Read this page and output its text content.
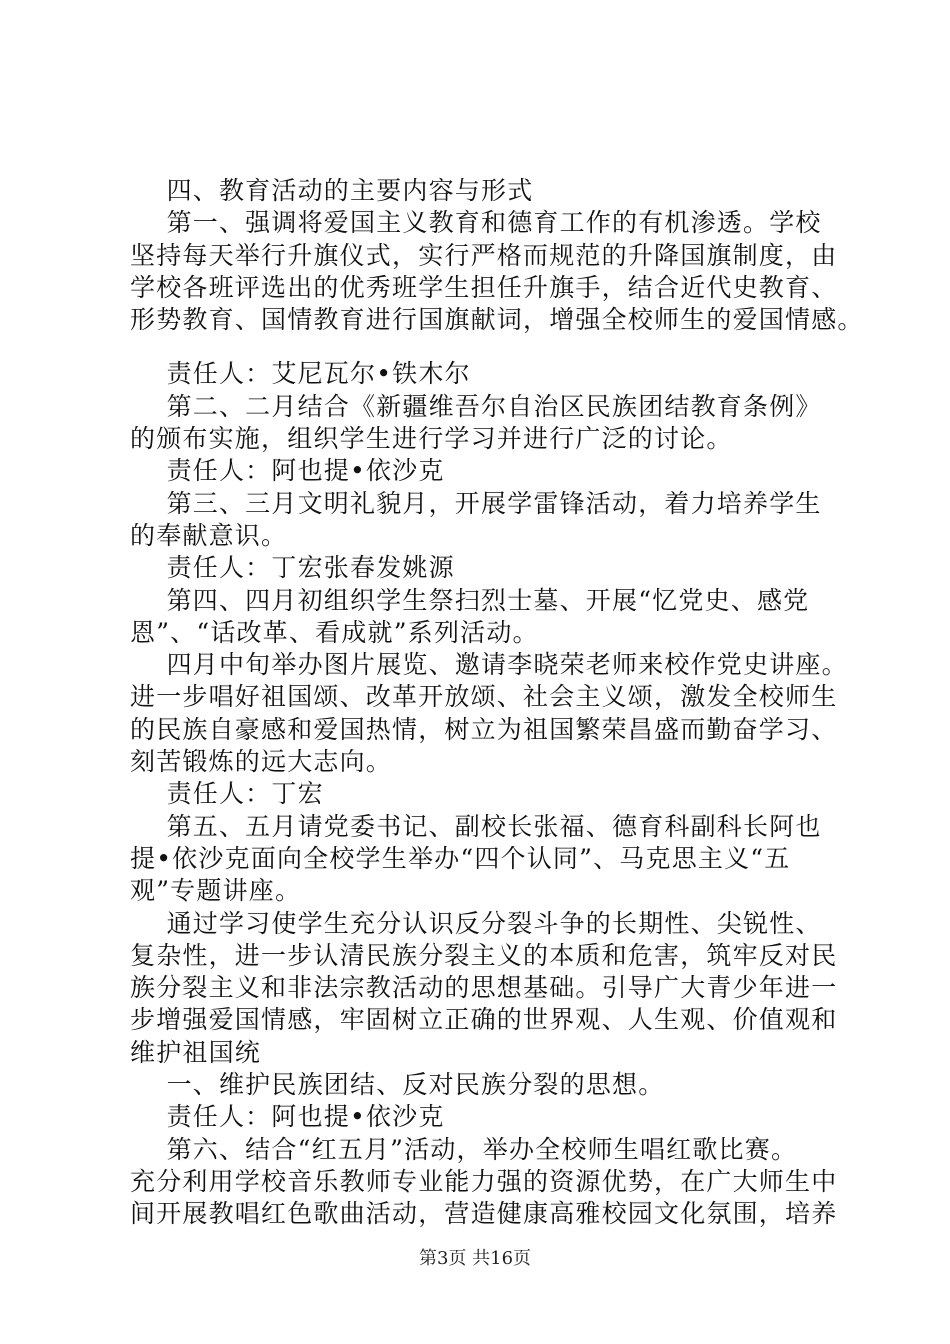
四、教育活动的主要内容与形式
第一、强调将爱国主义教育和德育工作的有机渗透。学校
坚持每天举行升旗仪式，实行严格而规范的升降国旗制度，由
学校各班评选出的优秀班学生担任升旗手，结合近代史教育、
形势教育、国情教育进行国旗献词，增强全校师生的爱国情感。
责任人：艾尼瓦尔•铁木尔
第二、二月结合《新疆维吾尔自治区民族团结教育条例》
的颁布实施，组织学生进行学习并进行广泛的讨论。
责任人：阿也提•依沙克
第三、三月文明礼貌月，开展学雷锋活动，着力培养学生
的奉献意识。
责任人：丁宏张春发姚源
第四、四月初组织学生祭扫烈士墓、开展“忆党史、感党
恩”、“话改革、看成就”系列活动。
四月中旬举办图片展览、邀请李晓荣老师来校作党史讲座。
进一步唱好祖国颂、改革开放颂、社会主义颂，激发全校师生
的民族自豪感和爱国热情，树立为祖国繁荣昌盛而勤奋学习、
刻苦锻炼的远大志向。
责任人：丁宏
第五、五月请党委书记、副校长张福、德育科副科长阿也
提•依沙克面向全校学生举办“四个认同”、马克思主义“五
观”专题讲座。
通过学习使学生充分认识反分裂斗争的长期性、尖锐性、
复杂性，进一步认清民族分裂主义的本质和危害，筑牢反对民
族分裂主义和非法宗教活动的思想基础。引导广大青少年进一
步增强爱国情感，牢固树立正确的世界观、人生观、价值观和
维护祖国统
一、维护民族团结、反对民族分裂的思想。
责任人：阿也提•依沙克
第六、结合“红五月”活动，举办全校师生唱红歌比赛。
充分利用学校音乐教师专业能力强的资源优势，在广大师生中
间开展教唱红色歌曲活动，营造健康高雅校园文化氛围，培养
第3页 共16页
